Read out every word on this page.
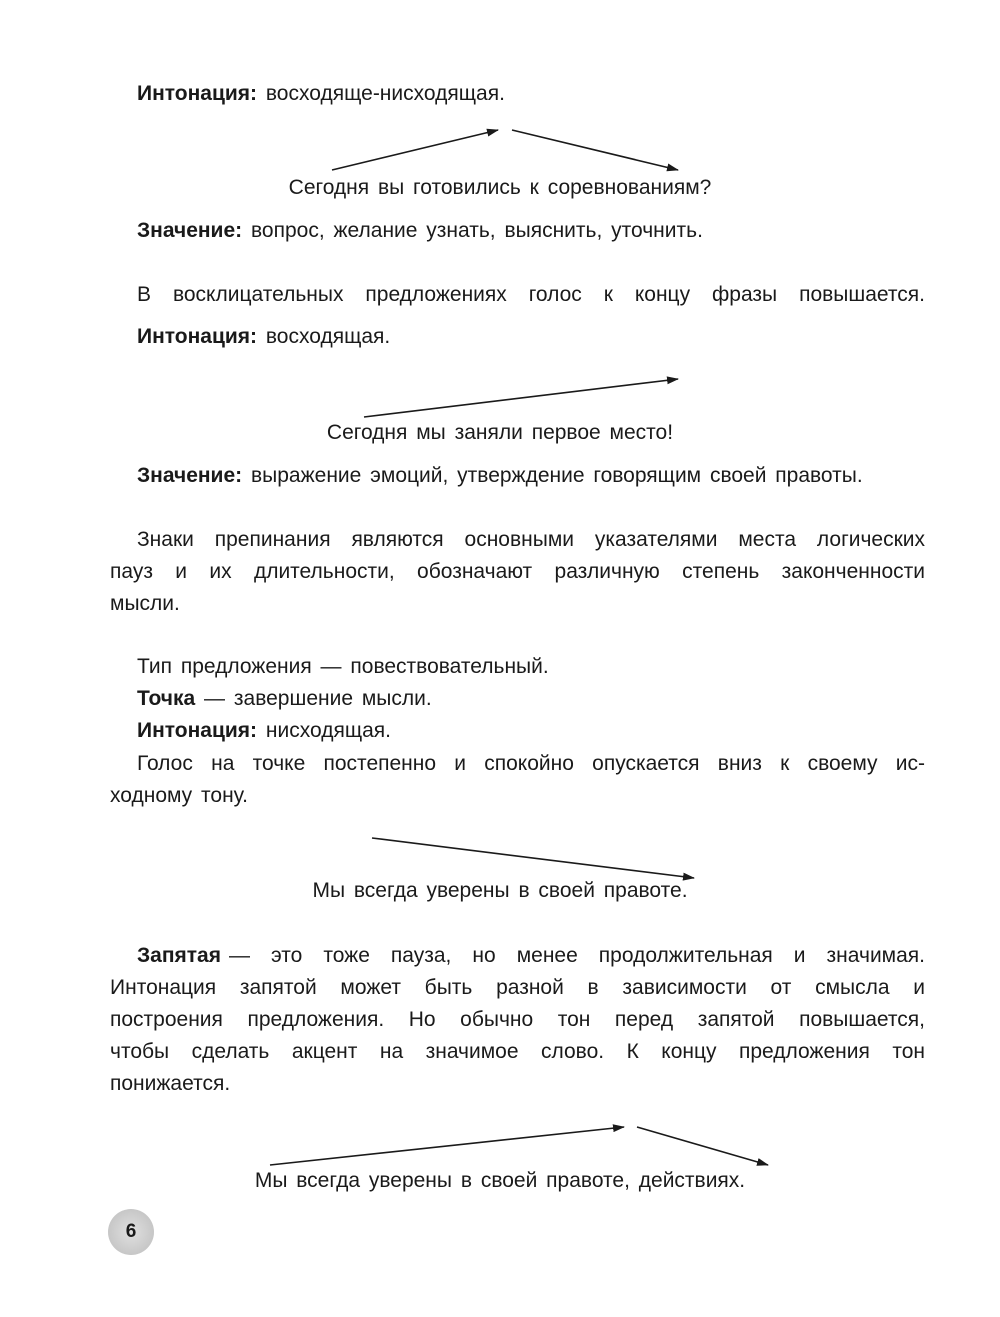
Интонация: восходяще-нисходящая.
Сегодня вы готовились к соревнованиям?
Значение: вопрос, желание узнать, выяснить, уточнить.
В восклицательных предложениях голос к концу фразы повышается.
Интонация: восходящая.
Сегодня мы заняли первое место!
Значение: выражение эмоций, утверждение говорящим своей правоты.
Знаки препинания являются основными указателями места логических
пауз и их длительности, обозначают различную степень законченности
мысли.
Тип предложения — повествовательный.
Точка — завершение мысли.
Интонация: нисходящая.
Голос на точке постепенно и спокойно опускается вниз к своему ис-
ходному тону.
Мы всегда уверены в своей правоте.
Запятая — это тоже пауза, но менее продолжительная и значимая.
Интонация запятой может быть разной в зависимости от смысла и
построения предложения. Но обычно тон перед запятой повышается,
чтобы сделать акцент на значимое слово. К концу предложения тон
понижается.
Мы всегда уверены в своей правоте, действиях.
6
